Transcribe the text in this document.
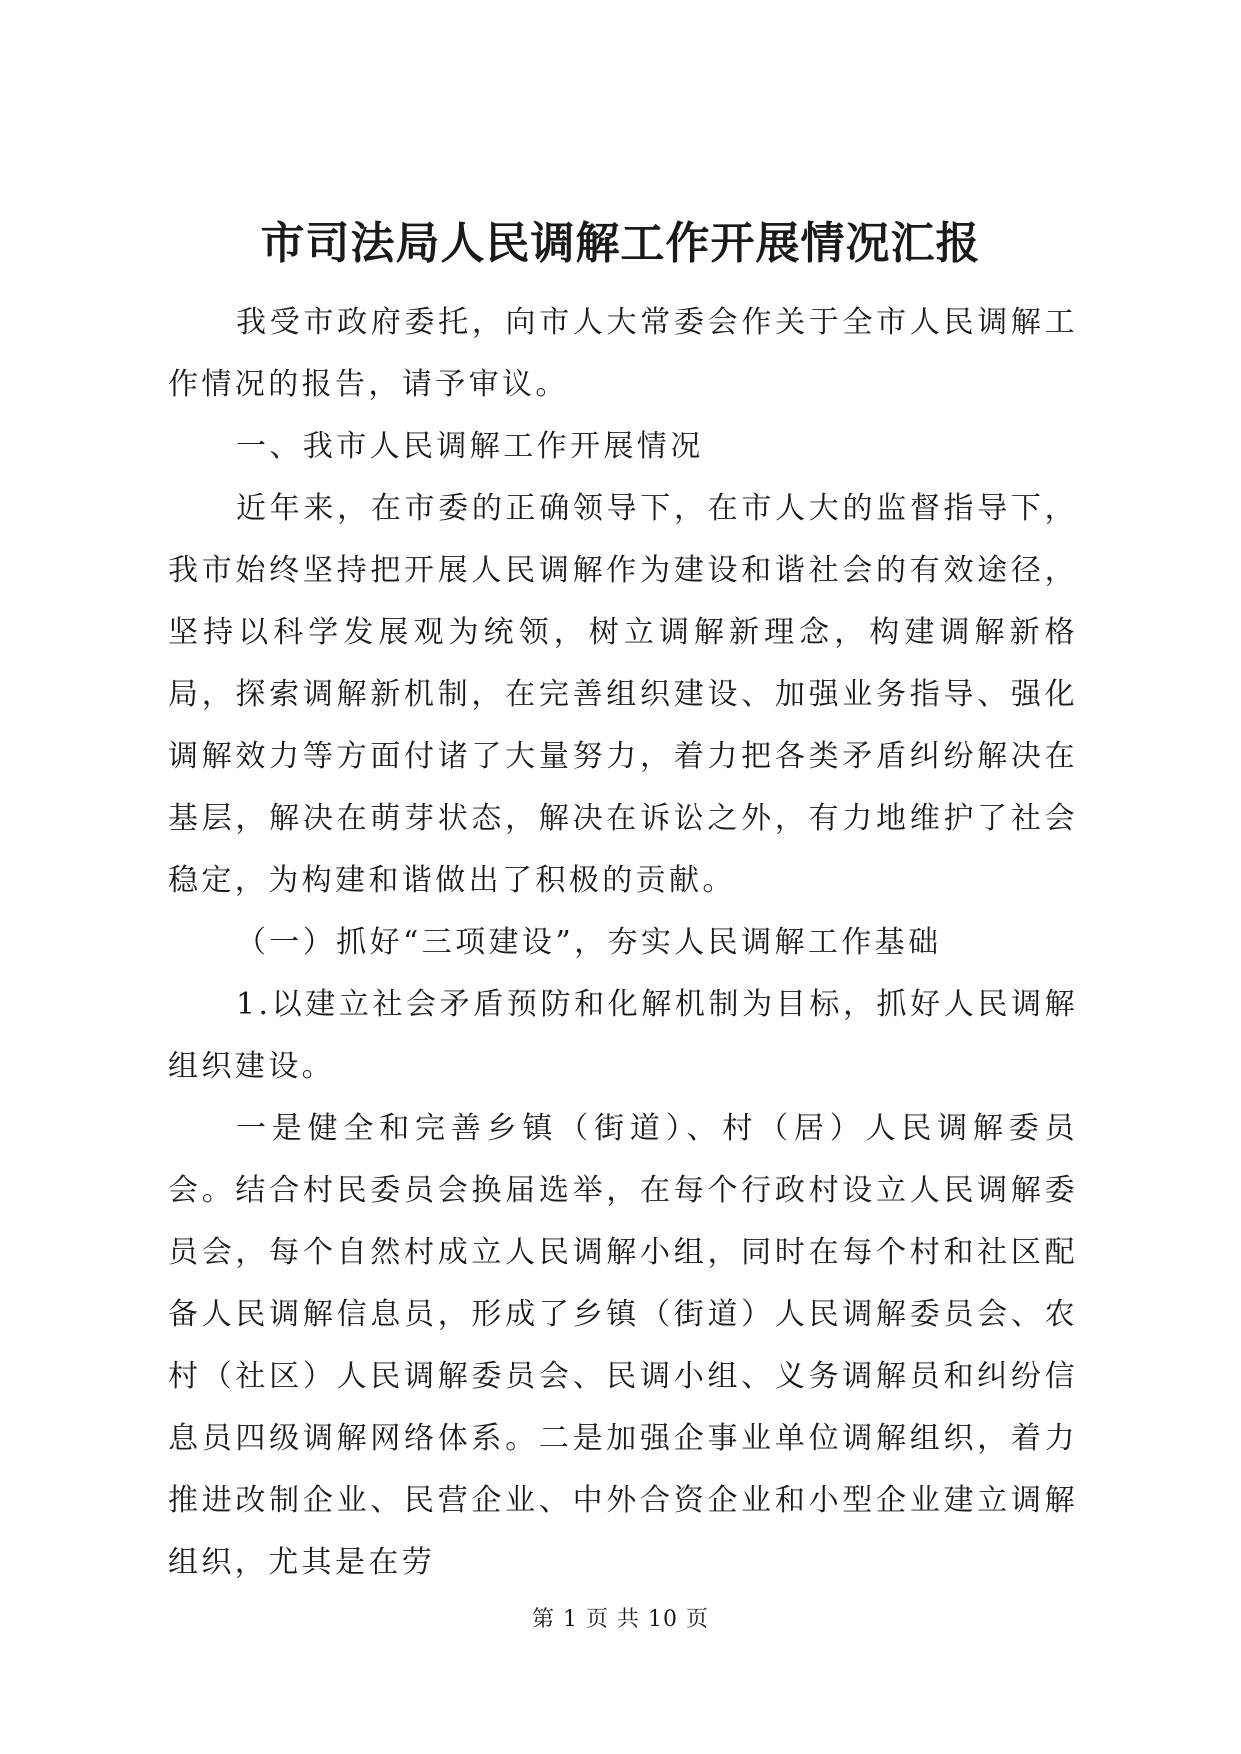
市司法局人民调解工作开展情况汇报

我受市政府委托，向市人大常委会作关于全市人民调解工作情况的报告，请予审议。

一、我市人民调解工作开展情况

近年来，在市委的正确领导下，在市人大的监督指导下，我市始终坚持把开展人民调解作为建设和谐社会的有效途径，坚持以科学发展观为统领，树立调解新理念，构建调解新格局，探索调解新机制，在完善组织建设、加强业务指导、强化调解效力等方面付诸了大量努力，着力把各类矛盾纠纷解决在基层，解决在萌芽状态，解决在诉讼之外，有力地维护了社会稳定，为构建和谐做出了积极的贡献。

（一）抓好“三项建设”，夯实人民调解工作基础

1.以建立社会矛盾预防和化解机制为目标，抓好人民调解组织建设。

一是健全和完善乡镇（街道）、村（居）人民调解委员会。结合村民委员会换届选举，在每个行政村设立人民调解委员会，每个自然村成立人民调解小组，同时在每个村和社区配备人民调解信息员，形成了乡镇（街道）人民调解委员会、农村（社区）人民调解委员会、民调小组、义务调解员和纠纷信息员四级调解网络体系。二是加强企事业单位调解组织，着力推进改制企业、民营企业、中外合资企业和小型企业建立调解组织，尤其是在劳

第 1 页 共 10 页
